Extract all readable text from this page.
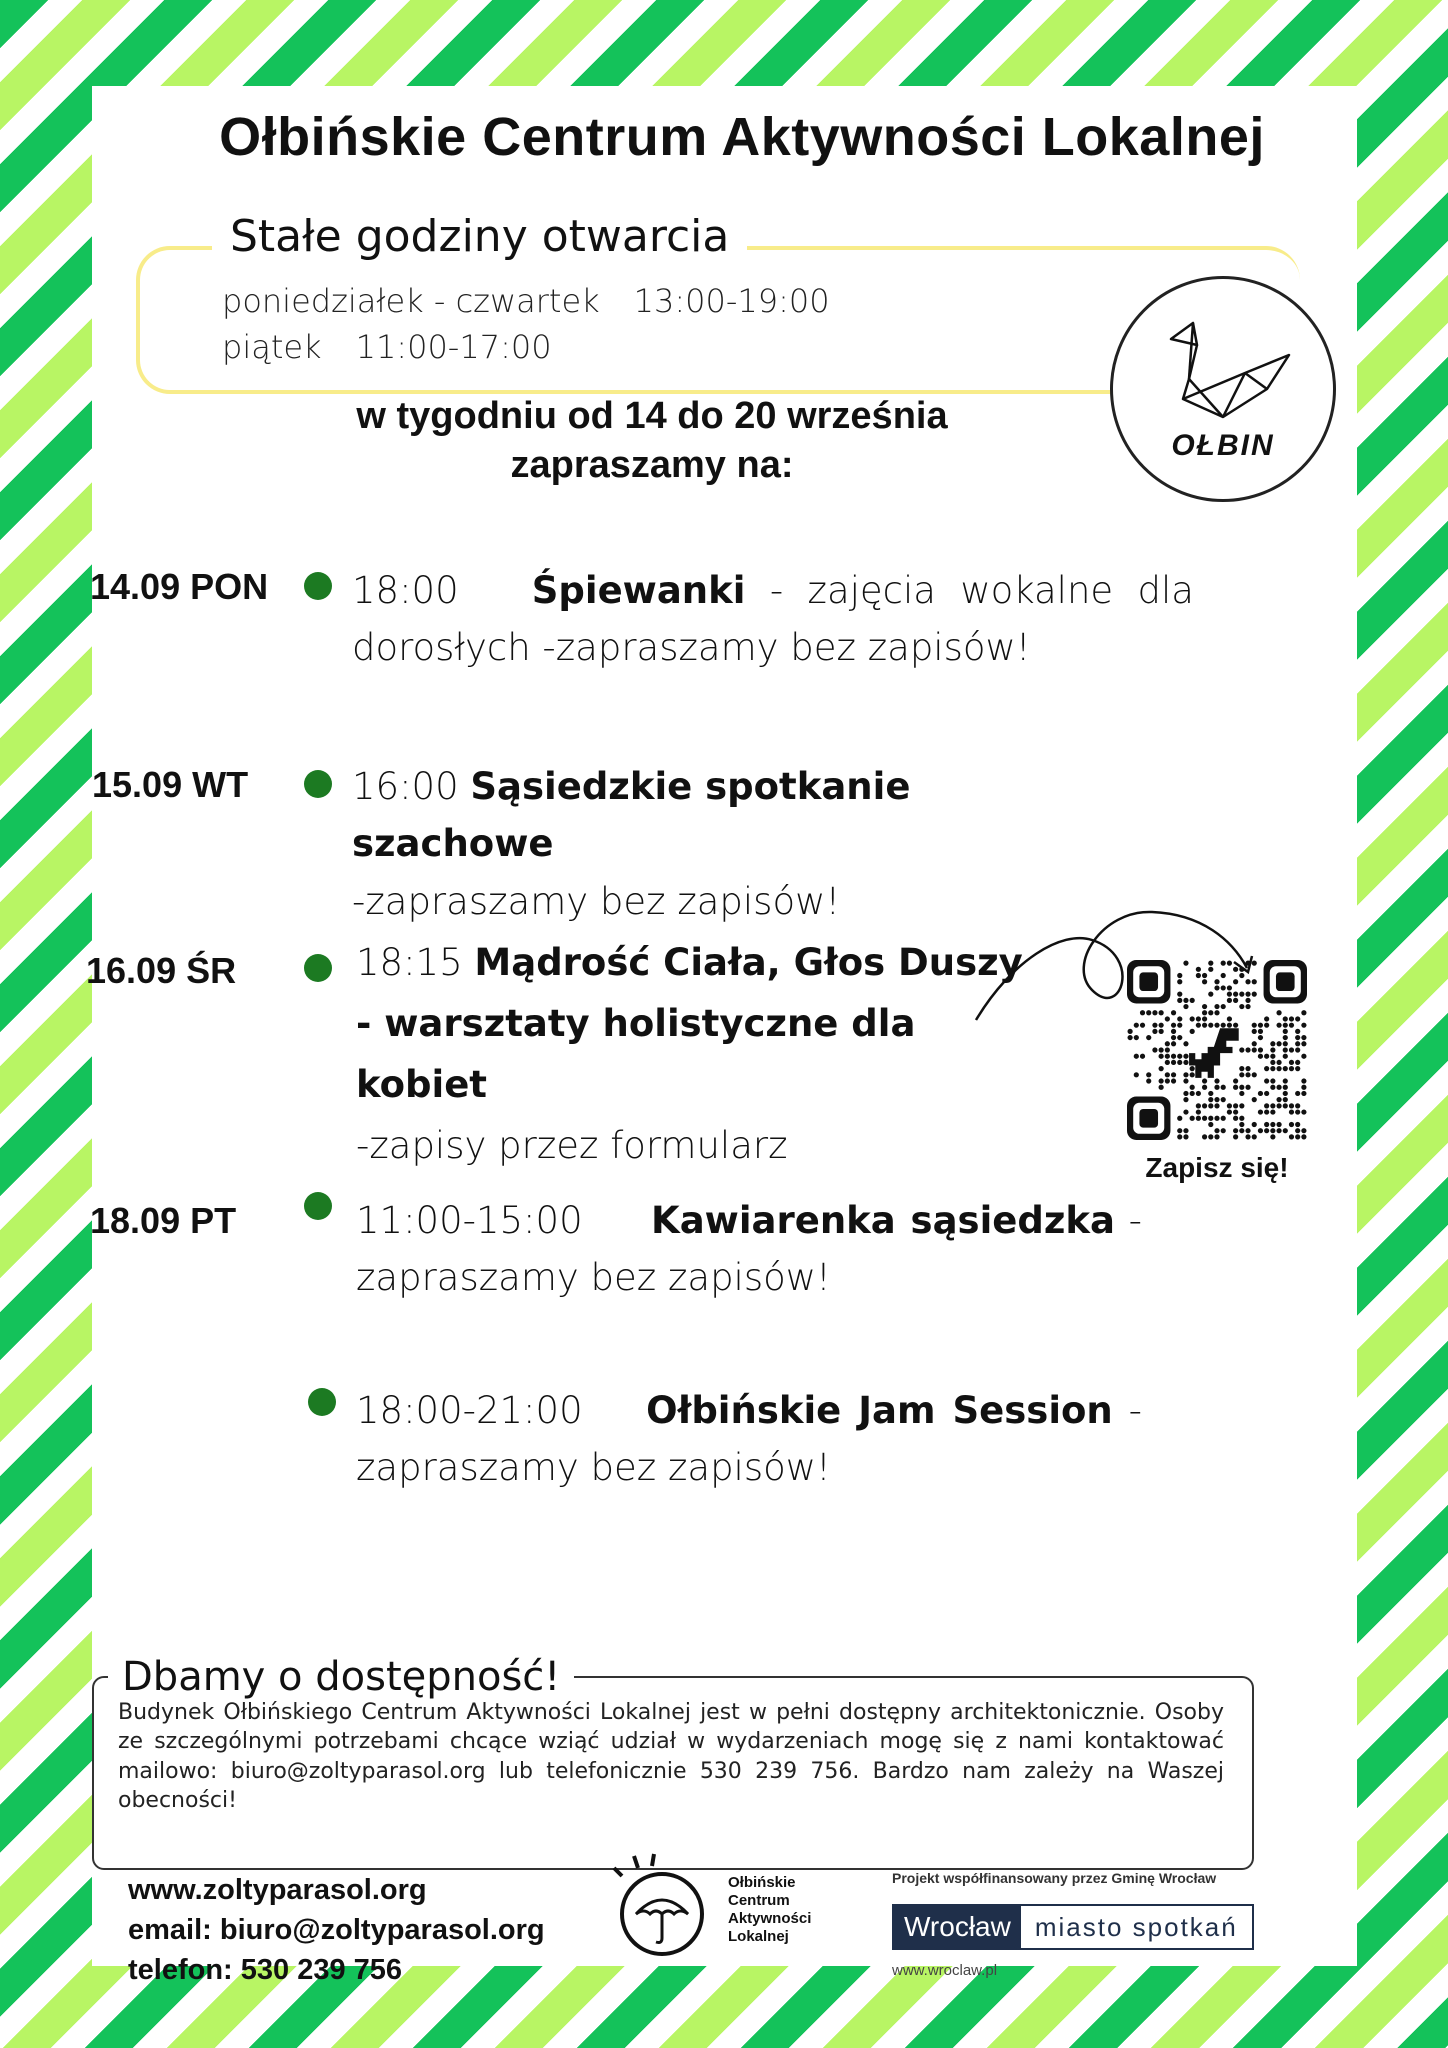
Ołbińskie Centrum Aktywności Lokalnej
Stałe godziny otwarcia
poniedziałek - czwartek 13:00-19:00
piątek 11:00-17:00
OŁBIN
w tygodniu od 14 do 20 września
zapraszamy na:
14.09 PON 18:00 Śpiewanki - zajęcia wokalne dla dorosłych -zapraszamy bez zapisów!
15.09 WT	16:00 Sąsiedzkie spotkanie szachowe
-zapraszamy bez zapisów!
16.09 ŚR	18:15 Mądrość Ciała, Głos Duszy
- warsztaty holistyczne dla kobiet
-zapisy przez formularz
Zapisz się!
18.09 PT	11:00-15:00 Kawiarenka sąsiedzka - zapraszamy bez zapisów!
18:00-21:00 Ołbińskie Jam Session - zapraszamy bez zapisów!
Dbamy o dostępność!
Budynek Ołbińskiego Centrum Aktywności Lokalnej jest w pełni dostępny architektonicznie. Osoby ze szczególnymi potrzebami chcące wziąć udział w wydarzeniach mogę się z nami kontaktować mailowo: biuro@zoltyparasol.org lub telefonicznie 530 239 756. Bardzo nam zależy na Waszej obecności!
www.zoltyparasol.org
email: biuro@zoltyparasol.org
telefon: 530 239 756
Ołbińskie
Centrum
Aktywności
Lokalnej
Projekt współfinansowany przez Gminę Wrocław
Wrocław miasto spotkań
www.wroclaw.pl
